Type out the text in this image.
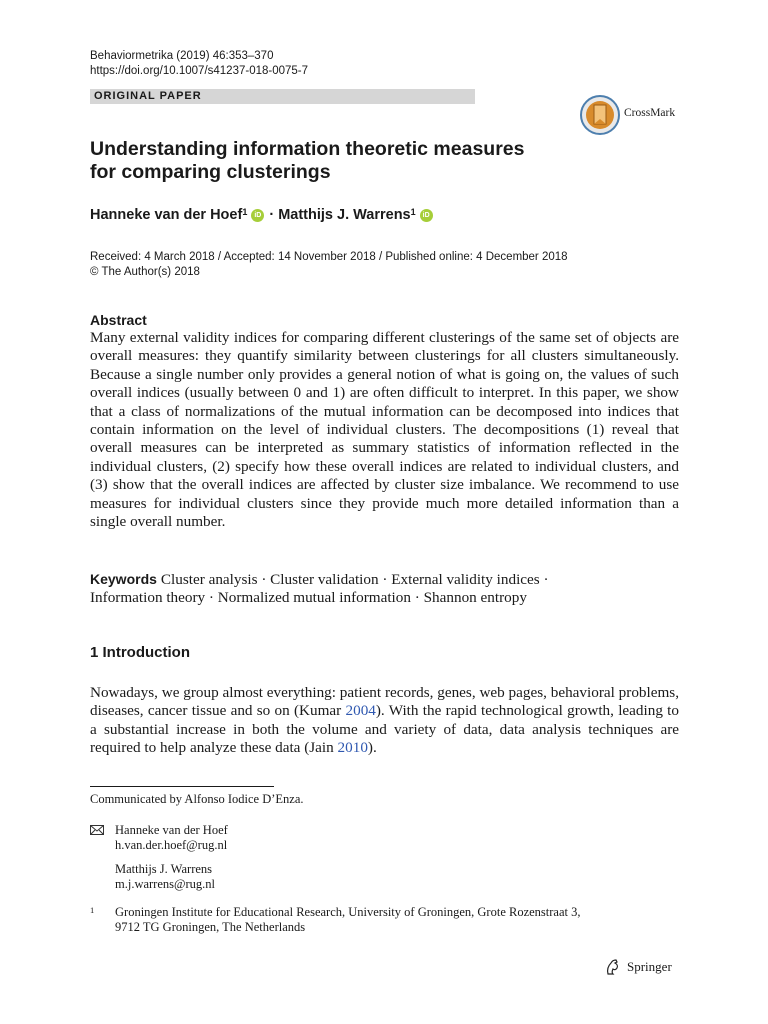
Behaviormetrika (2019) 46:353–370
https://doi.org/10.1007/s41237-018-0075-7
ORIGINAL PAPER
CrossMark
Understanding information theoretic measures
for comparing clusterings
Hanneke van der Hoef$^1$	iD ·
Matthijs J. Warrens$^1$	iD
Received: 4 March 2018 / Accepted: 14 November 2018 / Published online: 4 December 2018
© The Author(s) 2018
Abstract
Many external validity indices for comparing different clusterings of the same set of objects are overall measures: they quantify similarity between clusterings for all clusters simultaneously. Because a single number only provides a general notion of what is going on, the values of such overall indices (usually between 0 and 1) are often difficult to interpret. In this paper, we show that a class of normalizations of the mutual information can be decomposed into indices that contain information on the level of individual clusters. The decompositions (1) reveal that overall measures can be interpreted as summary statistics of information reflected in the individual clusters, (2) specify how these overall indices are related to individual clusters, and (3) show that the overall indices are affected by cluster size imbalance. We recommend to use measures for individual clusters since they provide much more detailed information than a single overall number.
Keywords Cluster analysis · Cluster validation · External validity indices ·
Information theory · Normalized mutual information · Shannon entropy
1 Introduction
Nowadays, we group almost everything: patient records, genes, web pages, behavioral problems, diseases, cancer tissue and so on (Kumar 2004). With the rapid technological growth, leading to a substantial increase in both the volume and variety of data, data analysis techniques are required to help analyze these data (Jain 2010).
Communicated by Alfonso Iodice D’Enza.
Hanneke van der Hoef
h.van.der.hoef@rug.nl
Matthijs J. Warrens
m.j.warrens@rug.nl
1 Groningen Institute for Educational Research, University of Groningen, Grote Rozenstraat 3,
9712 TG Groningen, The Netherlands
Springer
